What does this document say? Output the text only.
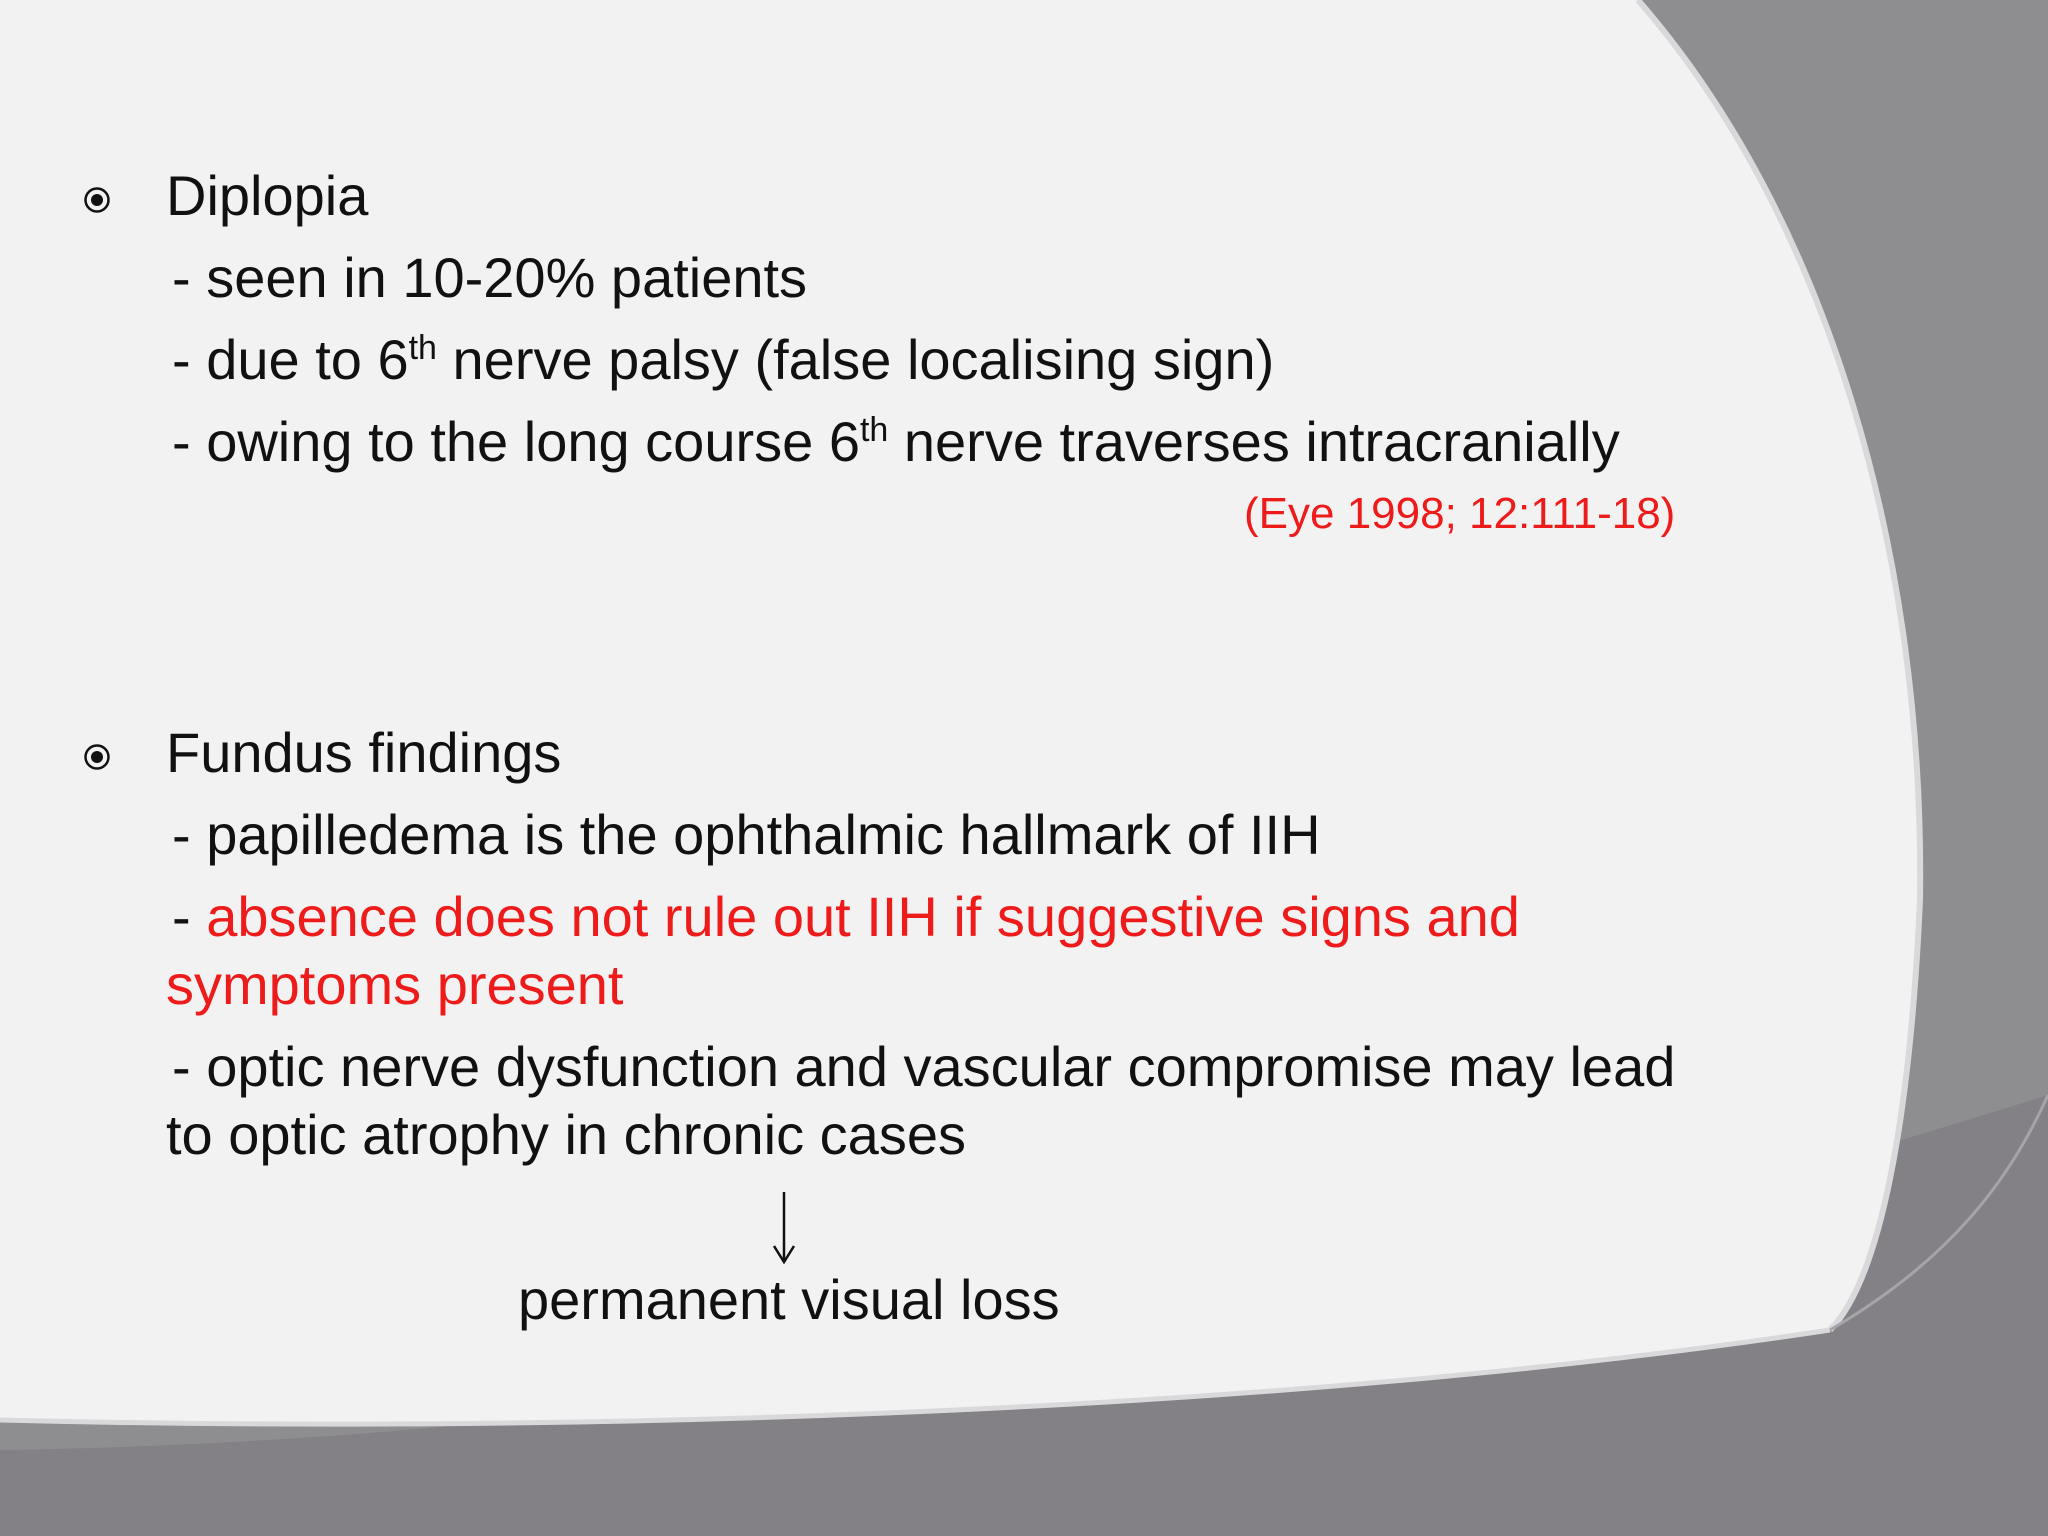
Diplopia
- seen in 10-20% patients
- due to 6th nerve palsy (false localising sign)
- owing to the long course 6th nerve traverses intracranially
(Eye 1998; 12:111-18)
Fundus findings
- papilledema is the ophthalmic hallmark of IIH
- absence does not rule out IIH if suggestive signs and
symptoms present
- optic nerve dysfunction and vascular compromise may lead
to optic atrophy in chronic cases
permanent visual loss
